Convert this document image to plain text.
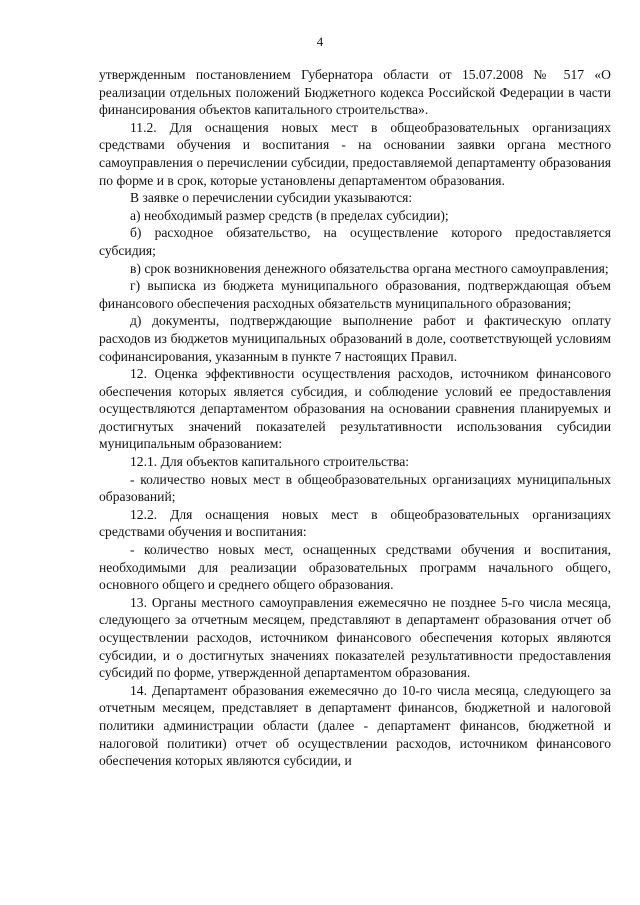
4

утвержденным постановлением Губернатора области от 15.07.2008 № 517 «О реализации отдельных положений Бюджетного кодекса Российской Федерации в части финансирования объектов капитального строительства».

11.2. Для оснащения новых мест в общеобразовательных организациях средствами обучения и воспитания - на основании заявки органа местного самоуправления о перечислении субсидии, предоставляемой департаменту образования по форме и в срок, которые установлены департаментом образования.

В заявке о перечислении субсидии указываются:

а) необходимый размер средств (в пределах субсидии);

б) расходное обязательство, на осуществление которого предоставляется субсидия;

в) срок возникновения денежного обязательства органа местного самоуправления;

г) выписка из бюджета муниципального образования, подтверждающая объем финансового обеспечения расходных обязательств муниципального образования;

д) документы, подтверждающие выполнение работ и фактическую оплату расходов из бюджетов муниципальных образований в доле, соответствующей условиям софинансирования, указанным в пункте 7 настоящих Правил.

12. Оценка эффективности осуществления расходов, источником финансового обеспечения которых является субсидия, и соблюдение условий ее предоставления осуществляются департаментом образования на основании сравнения планируемых и достигнутых значений показателей результативности использования субсидии муниципальным образованием:

12.1. Для объектов капитального строительства:

- количество новых мест в общеобразовательных организациях муниципальных образований;

12.2. Для оснащения новых мест в общеобразовательных организациях средствами обучения и воспитания:

- количество новых мест, оснащенных средствами обучения и воспитания, необходимыми для реализации образовательных программ начального общего, основного общего и среднего общего образования.

13. Органы местного самоуправления ежемесячно не позднее 5-го числа месяца, следующего за отчетным месяцем, представляют в департамент образования отчет об осуществлении расходов, источником финансового обеспечения которых являются субсидии, и о достигнутых значениях показателей результативности предоставления субсидий по форме, утвержденной департаментом образования.

14. Департамент образования ежемесячно до 10-го числа месяца, следующего за отчетным месяцем, представляет в департамент финансов, бюджетной и налоговой политики администрации области (далее - департамент финансов, бюджетной и налоговой политики) отчет об осуществлении расходов, источником финансового обеспечения которых являются субсидии, и
